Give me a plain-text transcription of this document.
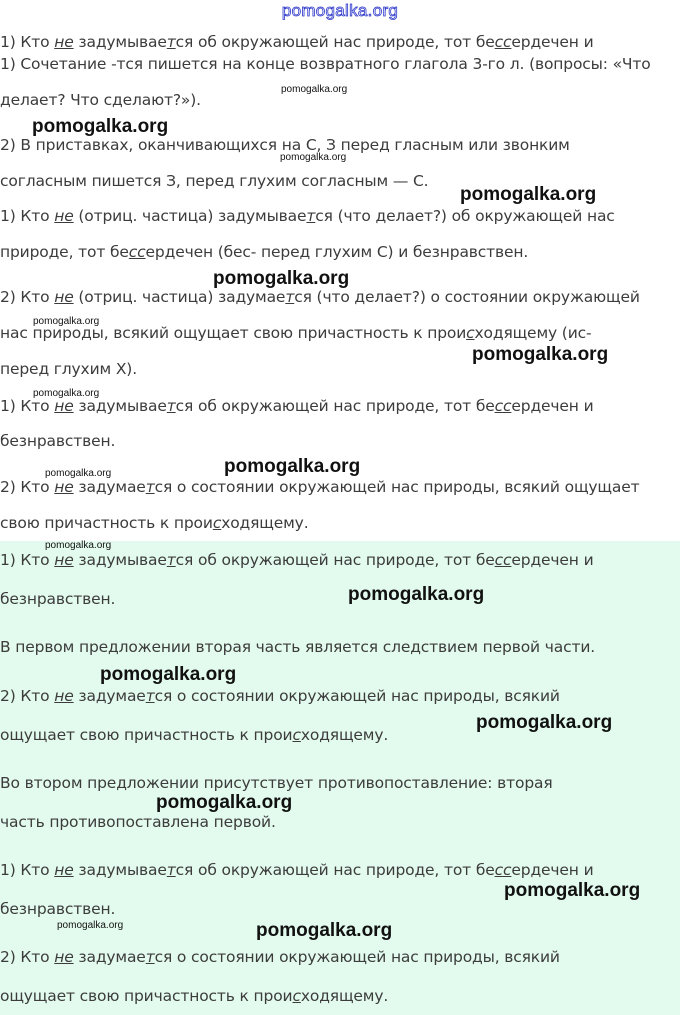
pomogalka.org
1) Кто не задумывается об окружающей нас природе, тот бессердечен и
1) Сочетание -тся пишется на конце возвратного глагола 3-го л. (вопросы: «Что
делает? Что сделают?»).
2) В приставках, оканчивающихся на С, З перед гласным или звонким
согласным пишется З, перед глухим согласным — С.
1) Кто не (отриц. частица) задумывается (что делает?) об окружающей нас
природе, тот бессердечен (бес- перед глухим С) и безнравствен.
2) Кто не (отриц. частица) задумается (что делает?) о состоянии окружающей
нас природы, всякий ощущает свою причастность к происходящему (ис-
перед глухим Х).
1) Кто не задумывается об окружающей нас природе, тот бессердечен и
безнравствен.
2) Кто не задумается о состоянии окружающей нас природы, всякий ощущает
свою причастность к происходящему.
1) Кто не задумывается об окружающей нас природе, тот бессердечен и
безнравствен.
В первом предложении вторая часть является следствием первой части.
2) Кто не задумается о состоянии окружающей нас природы, всякий
ощущает свою причастность к происходящему.
Во втором предложении присутствует противопоставление: вторая
часть противопоставлена первой.
1) Кто не задумывается об окружающей нас природе, тот бессердечен и
безнравствен.
2) Кто не задумается о состоянии окружающей нас природы, всякий
ощущает свою причастность к происходящему.
pomogalka.org
pomogalka.org
pomogalka.org
pomogalka.org
pomogalka.org
pomogalka.org
pomogalka.org
pomogalka.org
pomogalka.org
pomogalka.org
pomogalka.org
pomogalka.org
pomogalka.org
pomogalka.org
pomogalka.org
pomogalka.org
pomogalka.org	pomogalka.org
